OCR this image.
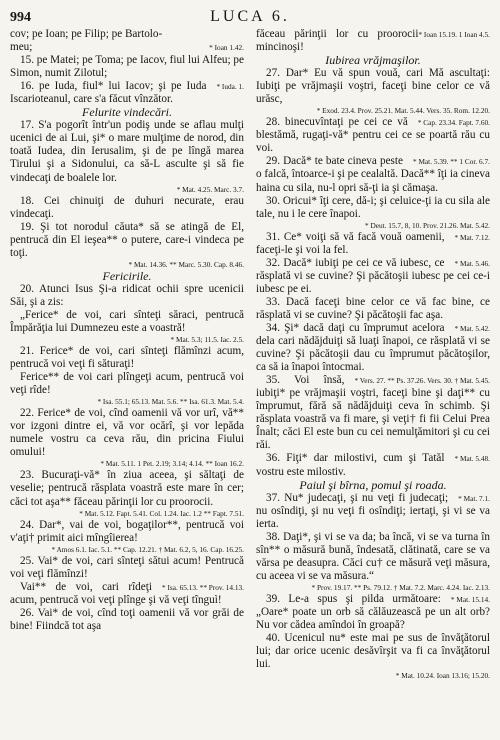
994	LUCA 6.

cov; pe Ioan; pe Filip; pe Bartolo-

* Ioan 1.42.
meu;

15. pe Matei; pe Toma; pe Iacov, fiul lui Alfeu; pe Simon, numit Zilotul;

* Iuda. 1.
16. pe Iuda, fiul* lui Iacov; şi pe Iuda Iscarioteanul, care s'a făcut vînzător.

Felurite vindecări.

17. S'a pogorît într'un podiş unde se aflau mulţi ucenici de ai Lui, şi* o mare mulţime de norod, din toată Iudea, din Ierusalim, şi de pe lîngă marea Tirului şi a Sidonului, ca să-L asculte şi să fie vindecaţi de boalele lor.

* Mat. 4.25. Marc. 3.7.

18. Cei chinuiţi de duhuri necurate, erau vindecaţi.

19. Şi tot norodul căuta* să se atingă de El, pentrucă din El ieşea** o putere, care-i vindeca pe toţi.

* Mat. 14.36. ** Marc. 5.30. Cap. 8.46.

Fericirile.

20. Atunci Isus Şi-a ridicat ochii spre ucenicii Săi, şi a zis:

„Ferice* de voi, cari sînteţi săraci, pentrucă Împărăţia lui Dumnezeu este a voastră!

* Mat. 5.3; 11.5. Iac. 2.5.

21. Ferice* de voi, cari sînteţi flămînzi acum, pentrucă voi veţi fi săturaţi!

Ferice** de voi cari plîngeţi acum, pentrucă voi veţi rîde!

* Isa. 55.1; 65.13. Mat. 5.6. ** Isa. 61.3. Mat. 5.4.

22. Ferice* de voi, cînd oamenii vă vor urî, vă** vor izgoni dintre ei, vă vor ocărî, şi vor lepăda numele vostru ca ceva rău, din pricina Fiului omului!

* Mat. 5.11. 1 Pet. 2.19; 3.14; 4.14. ** Ioan 16.2.

23. Bucuraţi-vă* în ziua aceea, şi săltaţi de veselie; pentrucă răsplata voastră este mare în cer; căci tot aşa** făceau părinţii lor cu proorocii.

* Mat. 5.12. Fapt. 5.41. Col. 1.24. Iac. 1.2 ** Fapt. 7.51.

24. Dar*, vai de voi, bogaţilor**, pentrucă voi v'aţi† primit aici mîngîierea!

* Amos 6.1. Iac. 5.1. ** Cap. 12.21. † Mat. 6.2, 5, 16. Cap. 16.25.

25. Vai* de voi, cari sînteţi sătui acum! Pentrucă voi veţi flămînzi!

* Isa. 65.13. ** Prov. 14.13.
Vai** de voi, cari rîdeţi acum, pentrucă voi veţi plînge şi vă veţi tînguì!

26. Vai* de voi, cînd toţi oamenii vă vor grăi de bine! Fiindcă tot aşa

* Ioan 15.19. 1 Ioan 4.5.
făceau părinţii lor cu proorocii mincinoşi!

Iubirea vrăjmaşilor.

27. Dar* Eu vă spun vouă, cari Mă ascultaţi: Iubiţi pe vrăjmaşii voştri, faceţi bine celor ce vă urăsc,

* Exod. 23.4. Prov. 25.21. Mat. 5.44. Vers. 35. Rom. 12.20.

* Cap. 23.34. Fapt. 7.60.
28. binecuvîntaţi pe cei ce vă blestămă, rugaţi-vă* pentru cei ce se poartă rău cu voi.

* Mat. 5.39. ** 1 Cor. 6.7.
29. Dacă* te bate cineva peste o falcă, întoarce-i şi pe cealaltă. Dacă** îţi ia cineva haina cu sila, nu-l opri să-ţi ia şi cămaşa.

30. Oricui* îţi cere, dă-i; şi celuice-ţi ia cu sila ale tale, nu i le cere înapoi.

* Deut. 15.7, 8, 10. Prov. 21.26. Mat. 5.42.

* Mat. 7.12.
31. Ce* voiţi să vă facă vouă oamenii, faceţi-le şi voi la fel.

* Mat. 5.46.
32. Dacă* iubiţi pe cei ce vă iubesc, ce răsplată vi se cuvine? Şi păcătoşii iubesc pe cei ce-i iubesc pe ei.

33. Dacă faceţi bine celor ce vă fac bine, ce răsplată vi se cuvine? Şi păcătoşii fac aşa.

* Mat. 5.42.
34. Şi* dacă daţi cu împrumut acelora dela cari nădăjduiţi să luaţi înapoi, ce răsplată vi se cuvine? Şi păcătoşii dau cu împrumut păcătoşilor, ca să ia înapoi întocmai.

* Vers. 27. ** Ps. 37.26. Vers. 30. † Mat. 5.45.
35. Voi însă, iubiţi* pe vrăjmaşii voştri, faceţi bine şi daţi** cu împrumut, fără să nădăjduiţi ceva în schimb. Şi răsplata voastră va fi mare, şi veţi† fi fii Celui Prea Înalt; căci El este bun cu cei nemulţămitori şi cu cei răi.

* Mat. 5.48.
36. Fiţi* dar milostivi, cum şi Tatăl vostru este milostiv.

Paiul şi bîrna, pomul şi roada.

* Mat. 7.1.
37. Nu* judecaţi, şi nu veţi fi judecaţi; nu osîndiţi, şi nu veţi fi osîndiţi; iertaţi, şi vi se va ierta.

38. Daţi*, şi vi se va da; ba încă, vi se va turna în sîn** o măsură bună, îndesată, clătinată, care se va vărsa pe deasupra. Căci cu† ce măsură veţi măsura, cu aceea vi se va măsura.“

* Prov. 19.17. ** Ps. 79.12. † Mat. 7.2. Marc. 4.24. Iac. 2.13.

* Mat. 15.14.
39. Le-a spus şi pilda următoare: „Oare* poate un orb să călăuzească pe un alt orb? Nu vor cădea amîndoi în groapă?

40. Ucenicul nu* este mai pe sus de învăţătorul lui; dar orice ucenic desăvîrşit va fi ca învăţătorul lui.

* Mat. 10.24. Ioan 13.16; 15.20.
